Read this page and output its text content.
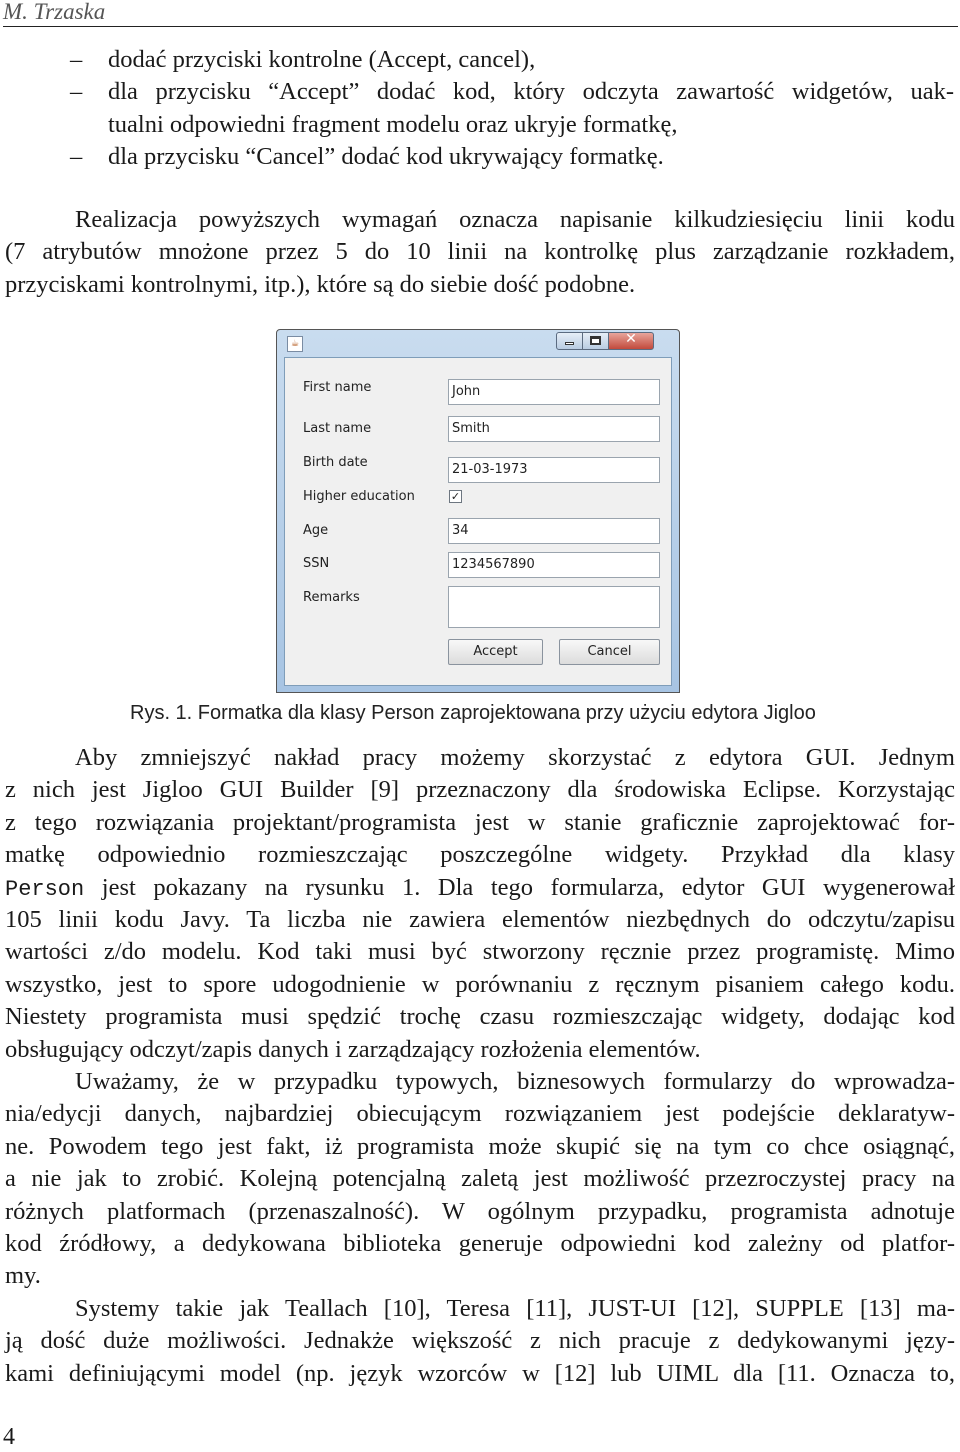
M. Trzaska
– dodać przyciski kontrolne (Accept, cancel),
– dla przycisku “Accept” dodać kod, który odczyta zawartość widgetów, uak-
tualni odpowiedni fragment modelu oraz ukryje formatkę,
– dla przycisku “Cancel” dodać kod ukrywający formatkę.
Realizacja powyższych wymagań oznacza napisanie kilkudziesięciu linii kodu
(7 atrybutów mnożone przez 5 do 10 linii na kontrolkę plus zarządzanie rozkładem,
przyciskami kontrolnymi, itp.), które są do siebie dość podobne.
☕
✕
First name	John
Last name	Smith
Birth date	21-03-1973
Higher education	✓
Age	34
SSN	1234567890
Remarks
Accept	Cancel
Rys. 1. Formatka dla klasy Person zaprojektowana przy użyciu edytora Jigloo
Aby zmniejszyć nakład pracy możemy skorzystać z edytora GUI. Jednym
z nich jest Jigloo GUI Builder [9] przeznaczony dla środowiska Eclipse. Korzystając
z tego rozwiązania projektant/programista jest w stanie graficznie zaprojektować for-
matkę odpowiednio rozmieszczając poszczególne widgety. Przykład dla klasy
Person jest pokazany na rysunku 1. Dla tego formularza, edytor GUI wygenerował
105 linii kodu Javy. Ta liczba nie zawiera elementów niezbędnych do odczytu/zapisu
wartości z/do modelu. Kod taki musi być stworzony ręcznie przez programistę. Mimo
wszystko, jest to spore udogodnienie w porównaniu z ręcznym pisaniem całego kodu.
Niestety programista musi spędzić trochę czasu rozmieszczając widgety, dodając kod
obsługujący odczyt/zapis danych i zarządzający rozłożenia elementów.
Uważamy, że w przypadku typowych, biznesowych formularzy do wprowadza-
nia/edycji danych, najbardziej obiecującym rozwiązaniem jest podejście deklaratyw-
ne. Powodem tego jest fakt, iż programista może skupić się na tym co chce osiągnąć,
a nie jak to zrobić. Kolejną potencjalną zaletą jest możliwość przezroczystej pracy na
różnych platformach (przenaszalność). W ogólnym przypadku, programista adnotuje
kod źródłowy, a dedykowana biblioteka generuje odpowiedni kod zależny od platfor-
my.
Systemy takie jak Teallach [10], Teresa [11], JUST-UI [12], SUPPLE [13] ma-
ją dość duże możliwości. Jednakże większość z nich pracuje z dedykowanymi języ-
kami definiującymi model (np. język wzorców w [12] lub UIML dla [11. Oznacza to,
4
